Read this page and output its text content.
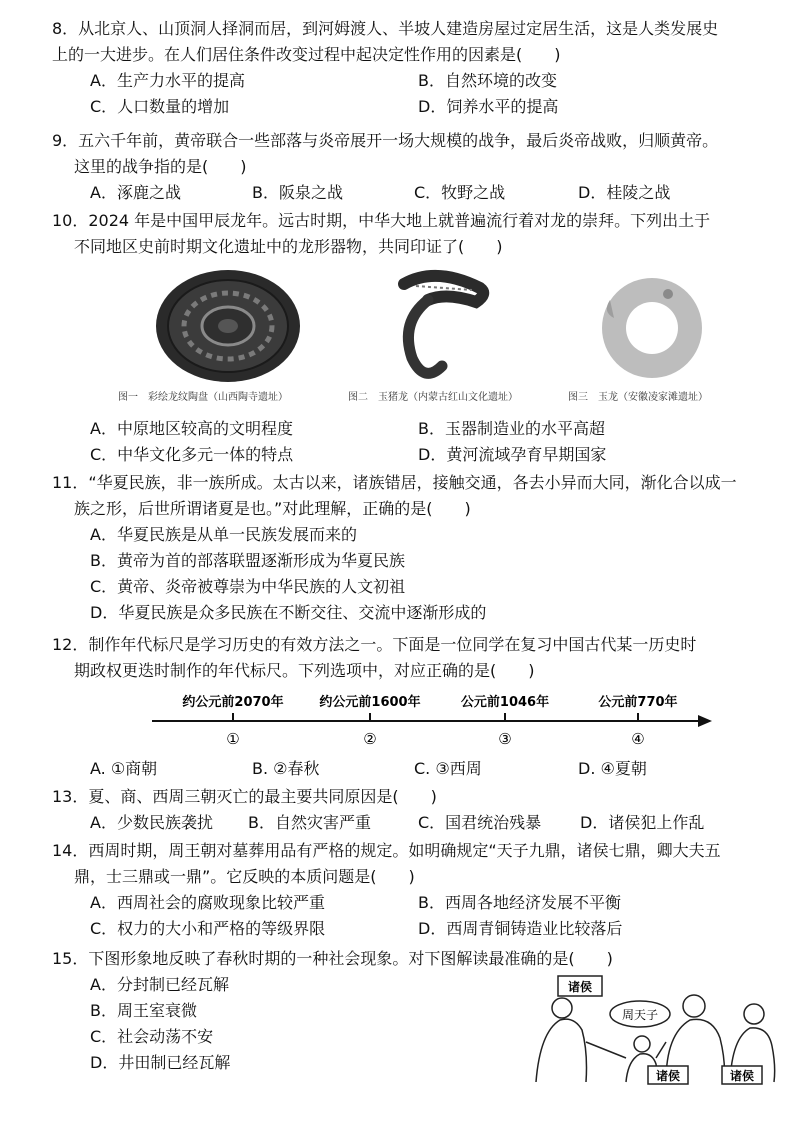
8．从北京人、山顶洞人择洞而居，到河姆渡人、半坡人建造房屋过定居生活，这是人类发展史
上的一大进步。在人们居住条件改变过程中起决定性作用的因素是(　　)
A．生产力水平的提高	B．自然环境的改变
C．人口数量的增加	D．饲养水平的提高
9．五六千年前，黄帝联合一些部落与炎帝展开一场大规模的战争，最后炎帝战败，归顺黄帝。
这里的战争指的是(　　)
A．涿鹿之战	B．阪泉之战	C．牧野之战	D．桂陵之战
10．2024 年是中国甲辰龙年。远古时期，中华大地上就普遍流行着对龙的崇拜。下列出土于
不同地区史前时期文化遗址中的龙形器物，共同印证了(　　)
图一　彩绘龙纹陶盘（山西陶寺遗址）	图二　玉猪龙（内蒙古红山文化遗址）	图三　玉龙（安徽凌家滩遗址）
A．中原地区较高的文明程度	B．玉器制造业的水平高超
C．中华文化多元一体的特点	D．黄河流域孕育早期国家
11．“华夏民族，非一族所成。太古以来，诸族错居，接触交通，各去小异而大同，渐化合以成一
族之形，后世所谓诸夏是也。”对此理解，正确的是(　　)
A．华夏民族是从单一民族发展而来的
B．黄帝为首的部落联盟逐渐形成为华夏民族
C．黄帝、炎帝被尊崇为中华民族的人文初祖
D．华夏民族是众多民族在不断交往、交流中逐渐形成的
12．制作年代标尺是学习历史的有效方法之一。下面是一位同学在复习中国古代某一历史时
期政权更迭时制作的年代标尺。下列选项中，对应正确的是(　　)
约公元前2070年	约公元前1600年	公元前1046年	公元前770年
①	②	③	④
A. ①商朝	B. ②春秋	C. ③西周	D. ④夏朝
13．夏、商、西周三朝灭亡的最主要共同原因是(　　)
A．少数民族袭扰 B．自然灾害严重	C．国君统治残暴 D．诸侯犯上作乱
14．西周时期，周王朝对墓葬用品有严格的规定。如明确规定“天子九鼎，诸侯七鼎，卿大夫五
鼎，士三鼎或一鼎”。它反映的本质问题是(　　)
A．西周社会的腐败现象比较严重	B．西周各地经济发展不平衡
C．权力的大小和严格的等级界限	D．西周青铜铸造业比较落后
15．下图形象地反映了春秋时期的一种社会现象。对下图解读最准确的是(　　)
A．分封制已经瓦解
B．周王室衰微
C．社会动荡不安
D．井田制已经瓦解
诸侯
周天子
诸侯	诸侯
